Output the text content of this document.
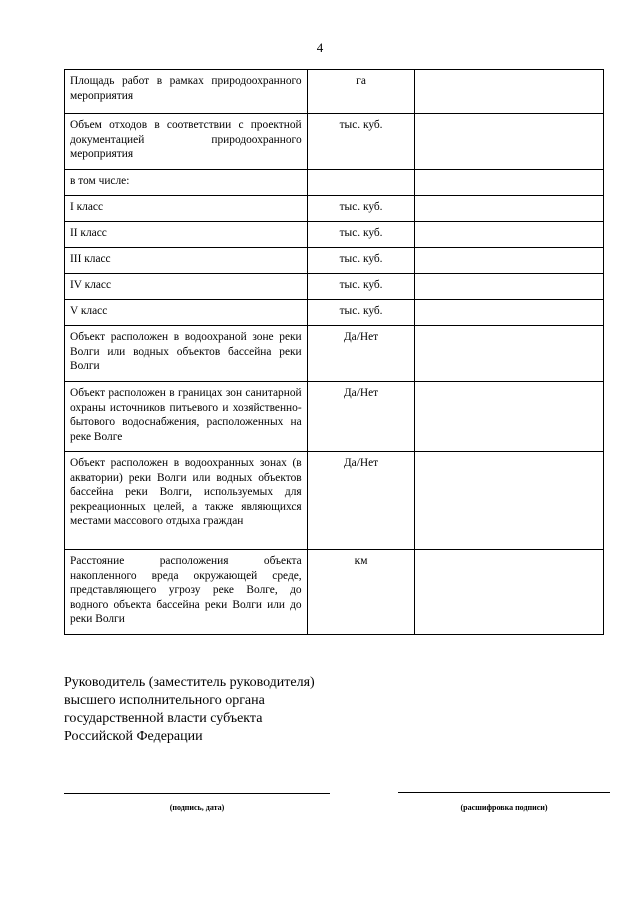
4
Площадь работ в рамках природоохранного мероприятия	га	
Объем отходов в соответствии с проектной документацией природоохранного мероприятия	тыс. куб.	
в том числе:		
I класс	тыс. куб.	
II класс	тыс. куб.	
III класс	тыс. куб.	
IV класс	тыс. куб.	
V класс	тыс. куб.	
Объект расположен в водоохраной зоне реки Волги или водных объектов бассейна реки Волги	Да/Нет	
Объект расположен в границах зон санитарной охраны источников питьевого и хозяйственно-бытового водоснабжения, расположенных на реке Волге	Да/Нет	
Объект расположен в водоохранных зонах (в акватории) реки Волги или водных объектов бассейна реки Волги, используемых для рекреационных целей, а также являющихся местами массового отдыха граждан	Да/Нет	
Расстояние расположения объекта накопленного вреда окружающей среде, представляющего угрозу реке Волге, до водного объекта бассейна реки Волги или до реки Волги	км	
Руководитель (заместитель руководителя)
высшего исполнительного органа
государственной власти субъекта
Российской Федерации
(подпись, дата)	(расшифровка подписи)
